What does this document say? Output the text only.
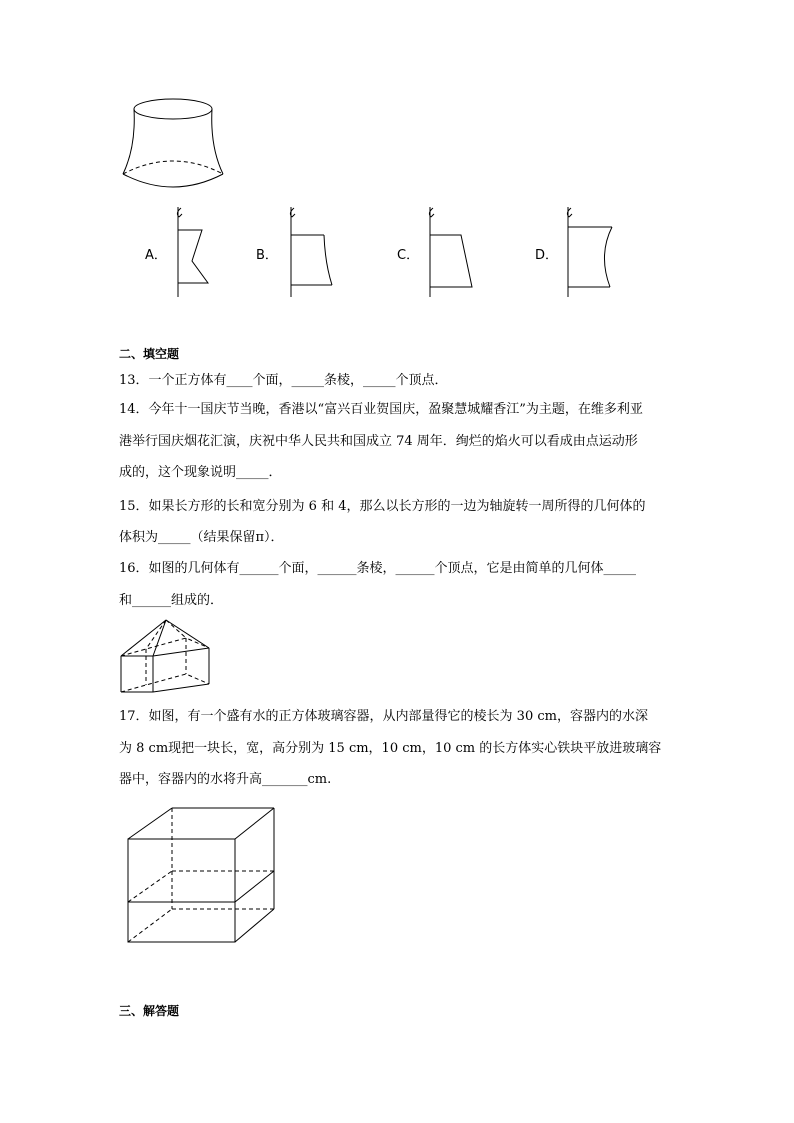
A．	B．	C．	D．
二、填空题
13．一个正方体有____个面，_____条棱，_____个顶点．
14．今年十一国庆节当晚，香港以“富兴百业贺国庆，盈聚慧城耀香江”为主题，在维多利亚
港举行国庆烟花汇演，庆祝中华人民共和国成立 74 周年．绚烂的焰火可以看成由点运动形
成的，这个现象说明_____．
15．如果长方形的长和宽分别为 6 和 4，那么以长方形的一边为轴旋转一周所得的几何体的
体积为_____（结果保留π）．
16．如图的几何体有______个面，______条棱，______个顶点，它是由简单的几何体_____
和______组成的．
17．如图，有一个盛有水的正方体玻璃容器，从内部量得它的棱长为 30 cm，容器内的水深
为 8 cm现把一块长，宽，高分别为 15 cm，10 cm，10 cm 的长方体实心铁块平放进玻璃容
器中，容器内的水将升高_______cm.
三、解答题
